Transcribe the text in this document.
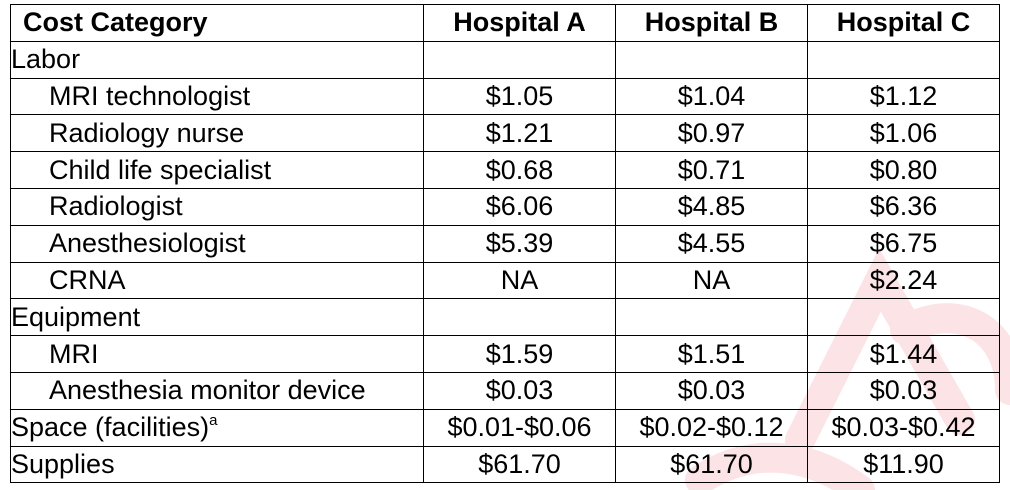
Cost Category	Hospital A	Hospital B	Hospital C
Labor			
MRI technologist	$1.05	$1.04	$1.12
Radiology nurse	$1.21	$0.97	$1.06
Child life specialist	$0.68	$0.71	$0.80
Radiologist	$6.06	$4.85	$6.36
Anesthesiologist	$5.39	$4.55	$6.75
CRNA	NA	NA	$2.24
Equipment			
MRI	$1.59	$1.51	$1.44
Anesthesia monitor device	$0.03	$0.03	$0.03
Space (facilities)$^a$	$0.01-$0.06	$0.02-$0.12	$0.03-$0.42
Supplies	$61.70	$61.70	$11.90
